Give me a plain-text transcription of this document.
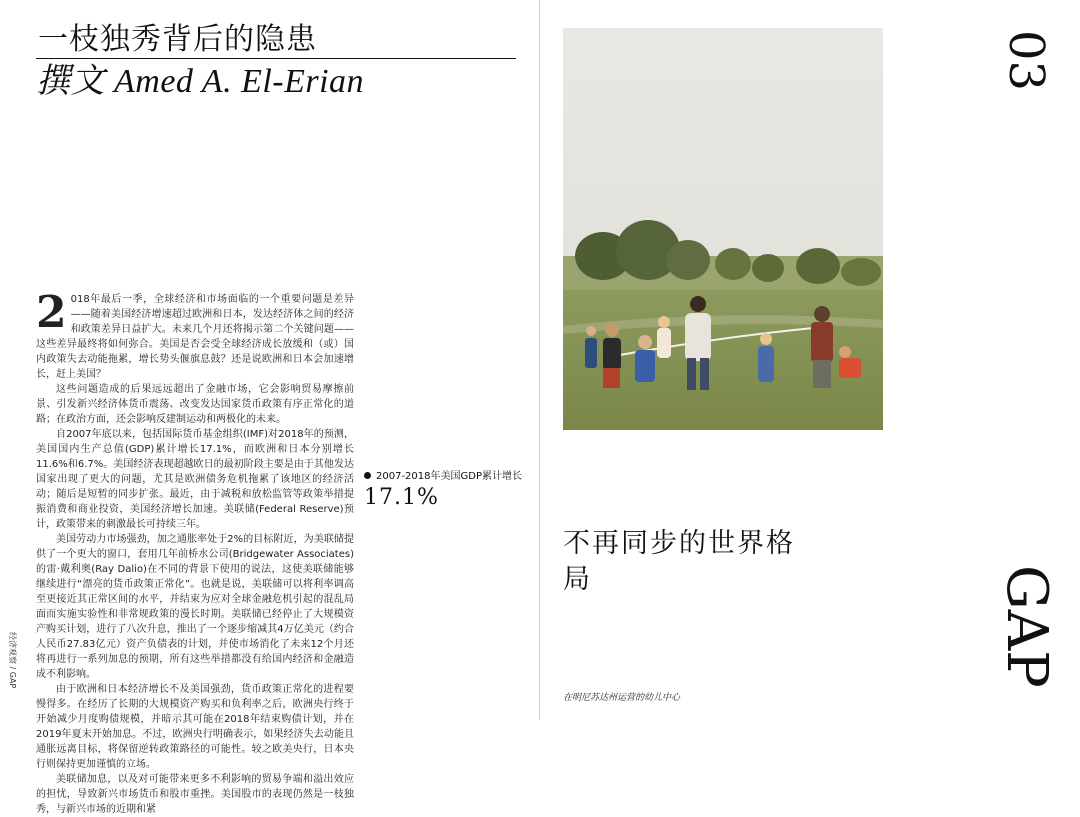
一枝独秀背后的隐患
撰文 Amed A. El-Erian

2 018年最后一季，全球经济和市场面临的一个重要问题是差异——随着美国经济增速超过欧洲和日本，发达经济体之间的经济和政策差异日益扩大。未来几个月还将揭示第二个关键问题——这些差异最终将如何弥合。美国是否会受全球经济成长放缓和（或）国内政策失去动能拖累，增长势头偃旗息鼓？还是说欧洲和日本会加速增长，赶上美国？

这些问题造成的后果远远超出了金融市场，它会影响贸易摩擦前景、引发新兴经济体货币震荡、改变发达国家货币政策有序正常化的道路；在政治方面，还会影响反建制运动和两极化的未来。

自2007年底以来，包括国际货币基金组织(IMF)对2018年的预测，美国国内生产总值(GDP)累计增长17.1%，而欧洲和日本分别增长11.6%和6.7%。美国经济表现超越欧日的最初阶段主要是由于其他发达国家出现了更大的问题，尤其是欧洲债务危机拖累了该地区的经济活动；随后是短暂的同步扩张。最近，由于减税和放松监管等政策举措提振消费和商业投资，美国经济增长加速。美联储(Federal Reserve)预计，政策带来的刺激最长可持续三年。

美国劳动力市场强劲，加之通胀率处于2%的目标附近，为美联储提供了一个更大的窗口，套用几年前桥水公司(Bridgewater Associates)的雷·戴利奥(Ray Dalio)在不同的背景下使用的说法，这使美联储能够继续进行“漂亮的货币政策正常化”。也就是说，美联储可以将利率调高至更接近其正常区间的水平，并结束为应对全球金融危机引起的混乱局面而实施实验性和非常规政策的漫长时期。美联储已经停止了大规模资产购买计划，进行了八次升息，推出了一个逐步缩减其4万亿美元（约合人民币27.83亿元）资产负债表的计划，并使市场消化了未来12个月还将再进行一系列加息的预期，所有这些举措都没有给国内经济和金融造成不利影响。

由于欧洲和日本经济增长不及美国强劲，货币政策正常化的进程要慢得多。在经历了长期的大规模资产购买和负利率之后，欧洲央行终于开始减少月度购债规模，并暗示其可能在2018年结束购债计划，并在2019年夏末开始加息。不过，欧洲央行明确表示，如果经济失去动能且通胀远离目标，将保留逆转政策路径的可能性。较之欧美央行，日本央行则保持更加谨慎的立场。

美联储加息，以及对可能带来更多不利影响的贸易争端和溢出效应的担忧，导致新兴市场货币和股市重挫。美国股市的表现仍然是一枝独秀，与新兴市场的近期和紧

2007-2018年美国GDP累计增长
17.1%
经济观察 / GAP
03
不再同步的世界格局	GAP
在明尼苏达州运营的幼儿中心
